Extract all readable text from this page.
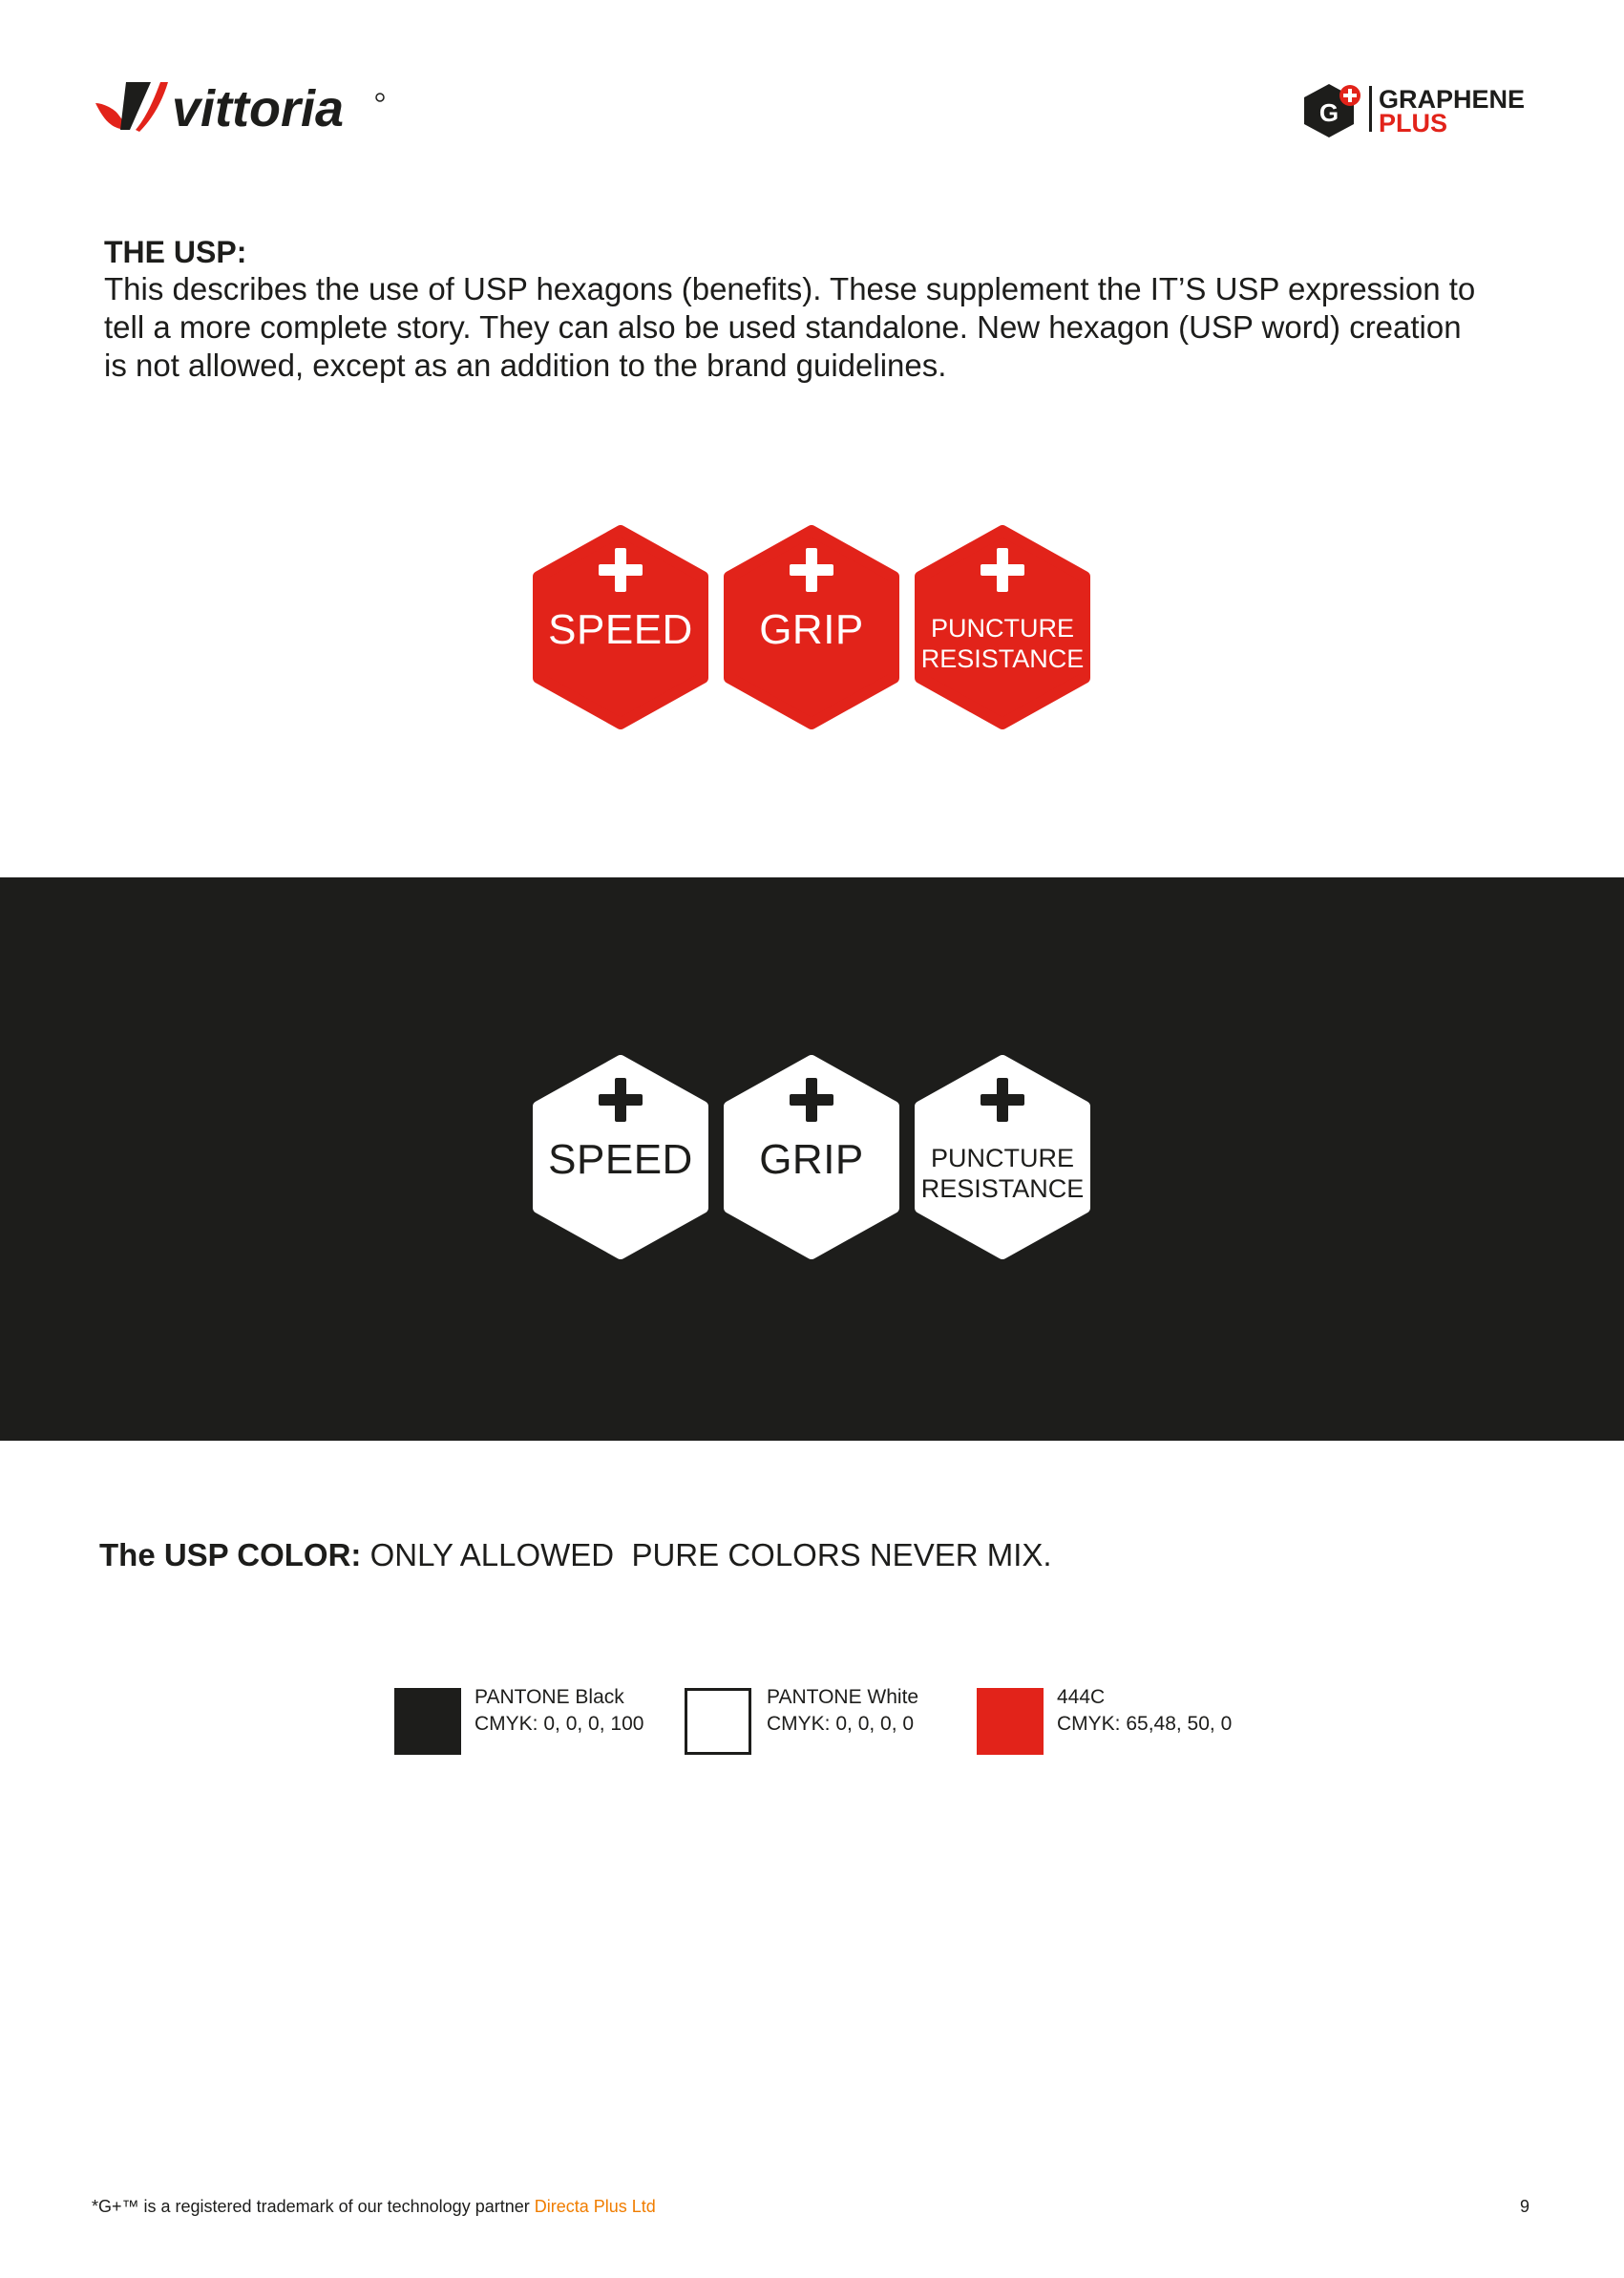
vittoria	G GRAPHENE
PLUS
THE USP:

This describes the use of USP hexagons (benefits). These supplement the IT’S USP expression to

tell a more complete story. They can also be used standalone. New hexagon (USP word) creation

is not allowed, except as an addition to the brand guidelines.

SPEED	GRIP	PUNCTURE
RESISTANCE
SPEED	GRIP	PUNCTURE
RESISTANCE
The USP COLOR: ONLY ALLOWED  PURE COLORS NEVER MIX.
PANTONE Black
CMYK: 0, 0, 0, 100
PANTONE White
CMYK: 0, 0, 0, 0
444C
CMYK: 65,48, 50, 0
*G+™ is a registered trademark of our technology partner Directa Plus Ltd	9
